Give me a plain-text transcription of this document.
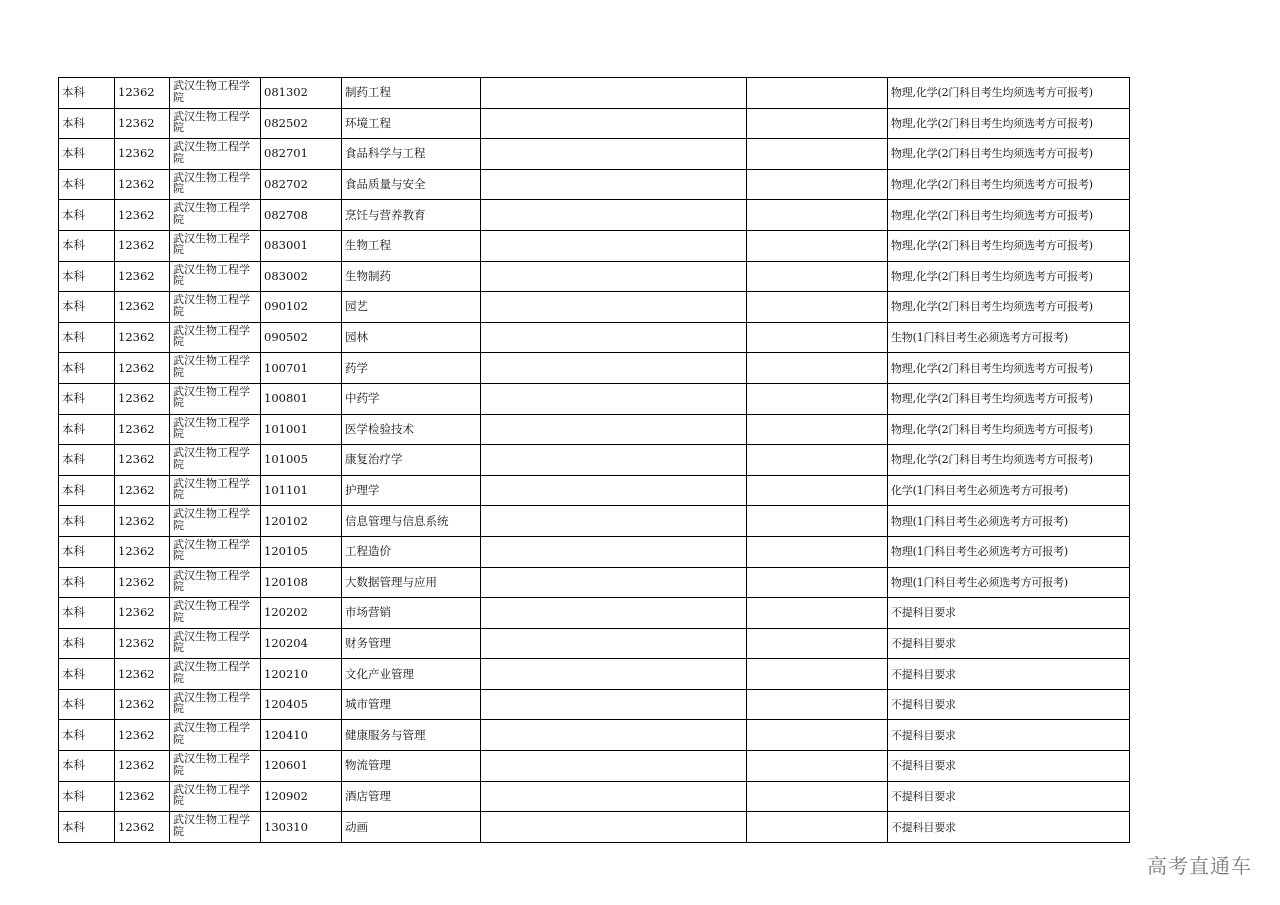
本科	12362	武汉生物工程学院	081302	制药工程			物理,化学(2门科目考生均须选考方可报考)
本科	12362	武汉生物工程学院	082502	环境工程			物理,化学(2门科目考生均须选考方可报考)
本科	12362	武汉生物工程学院	082701	食品科学与工程			物理,化学(2门科目考生均须选考方可报考)
本科	12362	武汉生物工程学院	082702	食品质量与安全			物理,化学(2门科目考生均须选考方可报考)
本科	12362	武汉生物工程学院	082708	烹饪与营养教育			物理,化学(2门科目考生均须选考方可报考)
本科	12362	武汉生物工程学院	083001	生物工程			物理,化学(2门科目考生均须选考方可报考)
本科	12362	武汉生物工程学院	083002	生物制药			物理,化学(2门科目考生均须选考方可报考)
本科	12362	武汉生物工程学院	090102	园艺			物理,化学(2门科目考生均须选考方可报考)
本科	12362	武汉生物工程学院	090502	园林			生物(1门科目考生必须选考方可报考)
本科	12362	武汉生物工程学院	100701	药学			物理,化学(2门科目考生均须选考方可报考)
本科	12362	武汉生物工程学院	100801	中药学			物理,化学(2门科目考生均须选考方可报考)
本科	12362	武汉生物工程学院	101001	医学检验技术			物理,化学(2门科目考生均须选考方可报考)
本科	12362	武汉生物工程学院	101005	康复治疗学			物理,化学(2门科目考生均须选考方可报考)
本科	12362	武汉生物工程学院	101101	护理学			化学(1门科目考生必须选考方可报考)
本科	12362	武汉生物工程学院	120102	信息管理与信息系统			物理(1门科目考生必须选考方可报考)
本科	12362	武汉生物工程学院	120105	工程造价			物理(1门科目考生必须选考方可报考)
本科	12362	武汉生物工程学院	120108	大数据管理与应用			物理(1门科目考生必须选考方可报考)
本科	12362	武汉生物工程学院	120202	市场营销			不提科目要求
本科	12362	武汉生物工程学院	120204	财务管理			不提科目要求
本科	12362	武汉生物工程学院	120210	文化产业管理			不提科目要求
本科	12362	武汉生物工程学院	120405	城市管理			不提科目要求
本科	12362	武汉生物工程学院	120410	健康服务与管理			不提科目要求
本科	12362	武汉生物工程学院	120601	物流管理			不提科目要求
本科	12362	武汉生物工程学院	120902	酒店管理			不提科目要求
本科	12362	武汉生物工程学院	130310	动画			不提科目要求
高考直通车
